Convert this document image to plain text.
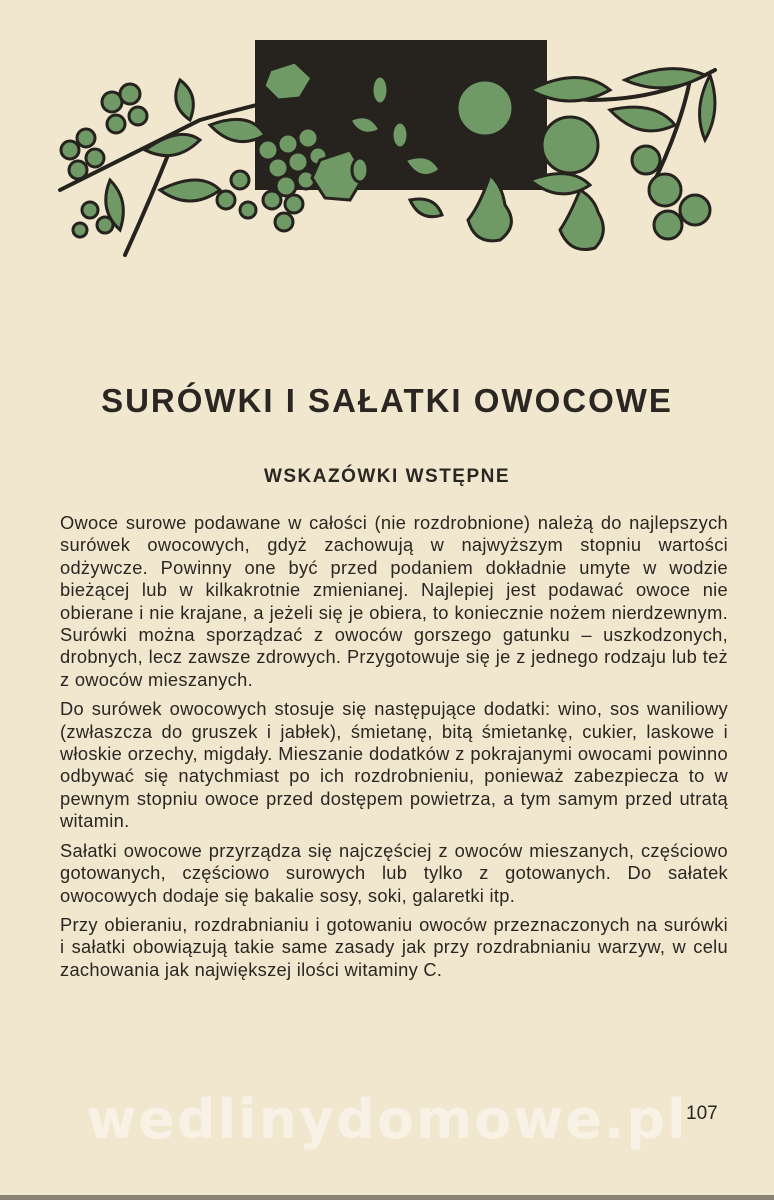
SURÓWKI I SAŁATKI OWOCOWE
WSKAZÓWKI WSTĘPNE

Owoce surowe podawane w całości (nie rozdrobnione) należą do najlepszych surówek owocowych, gdyż zachowują w najwyższym stopniu wartości odżywcze. Powinny one być przed podaniem dokładnie umyte w wodzie bieżącej lub w kilkakrotnie zmienianej. Najlepiej jest podawać owoce nie obierane i nie krajane, a jeżeli się je obiera, to koniecznie nożem nierdzewnym. Surówki można sporządzać z owoców gorszego gatunku – uszkodzonych, drobnych, lecz zawsze zdrowych. Przygotowuje się je z jednego rodzaju lub też z owoców mieszanych.

Do surówek owocowych stosuje się następujące dodatki: wino, sos waniliowy (zwłaszcza do gruszek i jabłek), śmietanę, bitą śmietankę, cukier, laskowe i włoskie orzechy, migdały. Mieszanie dodatków z pokrajanymi owocami powinno odbywać się natychmiast po ich rozdrobnieniu, ponieważ zabezpiecza to w pewnym stopniu owoce przed dostępem powietrza, a tym samym przed utratą witamin.

Sałatki owocowe przyrządza się najczęściej z owoców mieszanych, częściowo gotowanych, częściowo surowych lub tylko z gotowanych. Do sałatek owocowych dodaje się bakalie sosy, soki, galaretki itp.

Przy obieraniu, rozdrabnianiu i gotowaniu owoców przeznaczonych na surówki i sałatki obowiązują takie same zasady jak przy rozdrabnianiu warzyw, w celu zachowania jak największej ilości witaminy C.

wedlinydomowe.pl

107
